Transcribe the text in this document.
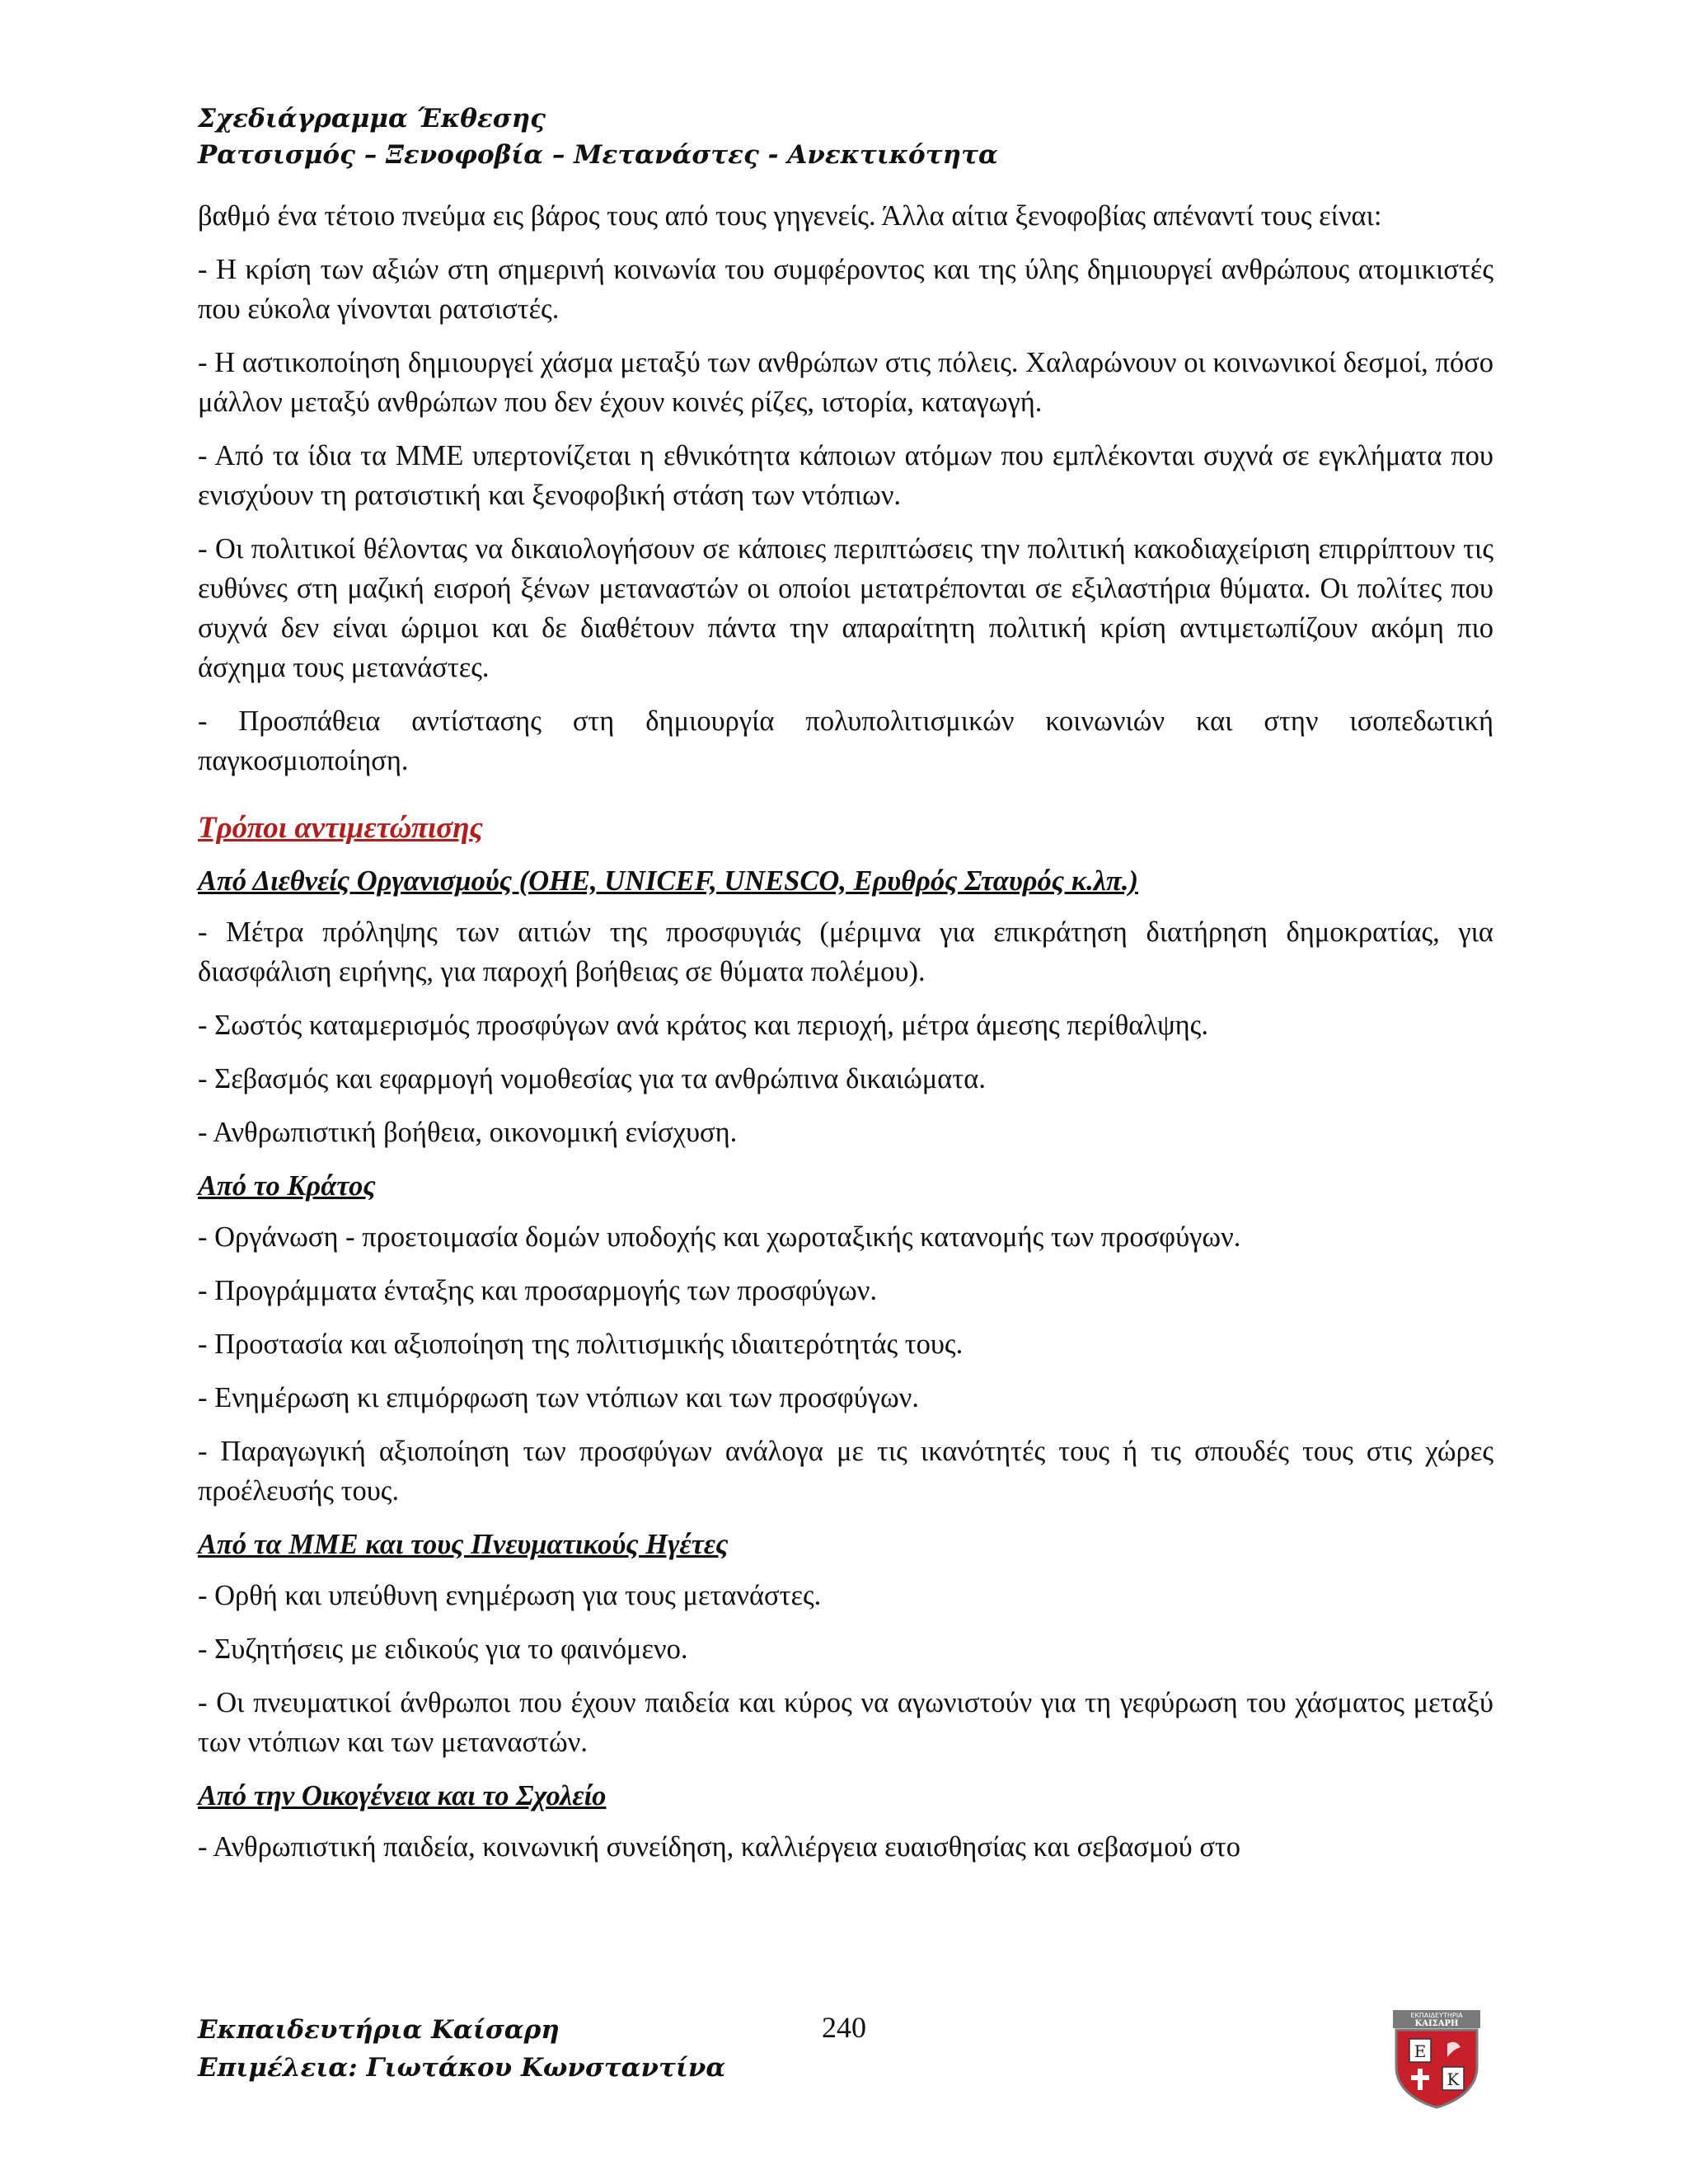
Σχεδιάγραμμα Έκθεσης
Ρατσισμός – Ξενοφοβία – Μετανάστες - Ανεκτικότητα

βαθμό ένα τέτοιο πνεύμα εις βάρος τους από τους γηγενείς. Άλλα αίτια ξενοφοβίας απέναντί τους είναι:

- Η κρίση των αξιών στη σημερινή κοινωνία του συμφέροντος και της ύλης δημιουργεί ανθρώπους ατομικιστές που εύκολα γίνονται ρατσιστές.

- Η αστικοποίηση δημιουργεί χάσμα μεταξύ των ανθρώπων στις πόλεις. Χαλαρώνουν οι κοινωνικοί δεσμοί, πόσο μάλλον μεταξύ ανθρώπων που δεν έχουν κοινές ρίζες, ιστορία, καταγωγή.

- Από τα ίδια τα ΜΜΕ υπερτονίζεται η εθνικότητα κάποιων ατόμων που εμπλέκονται συχνά σε εγκλήματα που ενισχύουν τη ρατσιστική και ξενοφοβική στάση των ντόπιων.

- Οι πολιτικοί θέλοντας να δικαιολογήσουν σε κάποιες περιπτώσεις την πολιτική κακοδιαχείριση επιρρίπτουν τις ευθύνες στη μαζική εισροή ξένων μεταναστών οι οποίοι μετατρέπονται σε εξιλαστήρια θύματα. Οι πολίτες που συχνά δεν είναι ώριμοι και δε διαθέτουν πάντα την απαραίτητη πολιτική κρίση αντιμετωπίζουν ακόμη πιο άσχημα τους μετανάστες.

- Προσπάθεια αντίστασης στη δημιουργία πολυπολιτισμικών κοινωνιών και στην ισοπεδωτική παγκοσμιοποίηση.

Τρόποι αντιμετώπισης
Από Διεθνείς Οργανισμούς (ΟΗΕ, UNICEF, UNESCO, Ερυθρός Σταυρός κ.λπ.)

- Μέτρα πρόληψης των αιτιών της προσφυγιάς (μέριμνα για επικράτηση διατήρηση δημοκρατίας, για διασφάλιση ειρήνης, για παροχή βοήθειας σε θύματα πολέμου).

- Σωστός καταμερισμός προσφύγων ανά κράτος και περιοχή, μέτρα άμεσης περίθαλψης.

- Σεβασμός και εφαρμογή νομοθεσίας για τα ανθρώπινα δικαιώματα.

- Ανθρωπιστική βοήθεια, οικονομική ενίσχυση.

Από το Κράτος

- Οργάνωση - προετοιμασία δομών υποδοχής και χωροταξικής κατανομής των προσφύγων.

- Προγράμματα ένταξης και προσαρμογής των προσφύγων.

- Προστασία και αξιοποίηση της πολιτισμικής ιδιαιτερότητάς τους.

- Ενημέρωση κι επιμόρφωση των ντόπιων και των προσφύγων.

- Παραγωγική αξιοποίηση των προσφύγων ανάλογα με τις ικανότητές τους ή τις σπουδές τους στις χώρες προέλευσής τους.

Από τα ΜΜΕ και τους Πνευματικούς Ηγέτες

- Ορθή και υπεύθυνη ενημέρωση για τους μετανάστες.

- Συζητήσεις με ειδικούς για το φαινόμενο.

- Οι πνευματικοί άνθρωποι που έχουν παιδεία και κύρος να αγωνιστούν για τη γεφύρωση του χάσματος μεταξύ των ντόπιων και των μεταναστών.

Από την Οικογένεια και το Σχολείο

- Ανθρωπιστική παιδεία, κοινωνική συνείδηση, καλλιέργεια ευαισθησίας και σεβασμού στο

Εκπαιδευτήρια Καίσαρη
Επιμέλεια: Γιωτάκου Κωνσταντίνα
240	ΕΚΠΑΙΔΕΥΤΗΡΙΑ
ΚΑΙΣΑΡΗ
Ε
Κ
